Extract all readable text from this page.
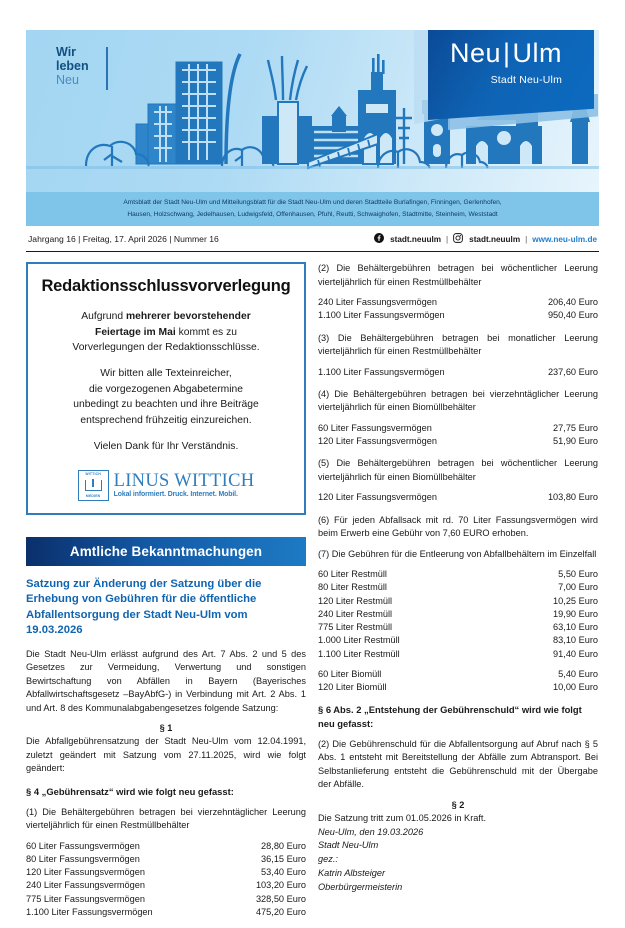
Wir
leben
Neu
Neu|Ulm
Stadt Neu-Ulm
Amtsblatt der Stadt Neu-Ulm und Mitteilungsblatt für die Stadt Neu-Ulm und deren Stadtteile Burlafingen, Finningen, Gerlenhofen,
Hausen, Holzschwang, Jedelhausen, Ludwigsfeld, Offenhausen, Pfuhl, Reutti, Schwaighofen, Stadtmitte, Steinheim, Weststadt
Jahrgang 16 | Freitag, 17. April 2026 | Nummer 16	stadt.neuulm |	stadt.neuulm | www.neu-ulm.de
Redaktionsschlussvorverlegung
Aufgrund mehrerer bevorstehender
Feiertage im Mai kommt es zu
Vorverlegungen der Redaktionsschlüsse.
Wir bitten alle Texteinreicher,
die vorgezogenen Abgabetermine
unbedingt zu beachten und ihre Beiträge
entsprechend frühzeitig einzureichen.
Vielen Dank für Ihr Verständnis.
WITTICH
MEDIEN
LINUS WITTICH
Lokal informiert. Druck. Internet. Mobil.
Amtliche Bekanntmachungen
Satzung zur Änderung der Satzung über die Erhebung von Gebühren für die öffentliche Abfallentsorgung der Stadt Neu-Ulm vom 19.03.2026

Die Stadt Neu-Ulm erlässt aufgrund des Art. 7 Abs. 2 und 5 des Gesetzes zur Vermeidung, Verwertung und sonstigen Bewirtschaftung von Abfällen in Bayern (Bayerisches Abfallwirtschaftsgesetz –BayAbfG-) in Verbindung mit Art. 2 Abs. 1 und Art. 8 des Kommunalabgabengesetzes folgende Satzung:

§ 1

Die Abfallgebührensatzung der Stadt Neu-Ulm vom 12.04.1991, zuletzt geändert mit Satzung vom 27.11.2025, wird wie folgt geändert:

§ 4 „Gebührensatz“ wird wie folgt neu gefasst:

(1) Die Behältergebühren betragen bei vierzehntäglicher Leerung vierteljährlich für einen Restmüllbehälter

60 Liter Fassungsvermögen	28,80 Euro
80 Liter Fassungsvermögen	36,15 Euro
120 Liter Fassungsvermögen	53,40 Euro
240 Liter Fassungsvermögen	103,20 Euro
775 Liter Fassungsvermögen	328,50 Euro
1.100 Liter Fassungsvermögen	475,20 Euro

(2) Die Behältergebühren betragen bei wöchentlicher Leerung vierteljährlich für einen Restmüllbehälter

240 Liter Fassungsvermögen	206,40 Euro
1.100 Liter Fassungsvermögen	950,40 Euro

(3) Die Behältergebühren betragen bei monatlicher Leerung vierteljährlich für einen Restmüllbehälter

1.100 Liter Fassungsvermögen	237,60 Euro

(4) Die Behältergebühren betragen bei vierzehntäglicher Leerung vierteljährlich für einen Biomüllbehälter

60 Liter Fassungsvermögen	27,75 Euro
120 Liter Fassungsvermögen	51,90 Euro

(5) Die Behältergebühren betragen bei wöchentlicher Leerung vierteljährlich für einen Biomüllbehälter

120 Liter Fassungsvermögen	103,80 Euro

(6) Für jeden Abfallsack mit rd. 70 Liter Fassungsvermögen wird beim Erwerb eine Gebühr von 7,60 EURO erhoben.

(7) Die Gebühren für die Entleerung von Abfallbehältern im Einzelfall

60 Liter Restmüll	5,50 Euro
80 Liter Restmüll	7,00 Euro
120 Liter Restmüll	10,25 Euro
240 Liter Restmüll	19,90 Euro
775 Liter Restmüll	63,10 Euro
1.000 Liter Restmüll	83,10 Euro
1.100 Liter Restmüll	91,40 Euro

60 Liter Biomüll	5,40 Euro
120 Liter Biomüll	10,00 Euro
§ 6 Abs. 2 „Entstehung der Gebührenschuld“ wird wie folgt neu gefasst:

(2) Die Gebührenschuld für die Abfallentsorgung auf Abruf nach § 5 Abs. 1 entsteht mit Bereitstellung der Abfälle zum Abtransport. Bei Selbstanlieferung entsteht die Gebührenschuld mit der Übergabe der Abfälle.

§ 2
Die Satzung tritt zum 01.05.2026 in Kraft.
Neu-Ulm, den 19.03.2026
Stadt Neu-Ulm
gez.:
Katrin Albsteiger
Oberbürgermeisterin
